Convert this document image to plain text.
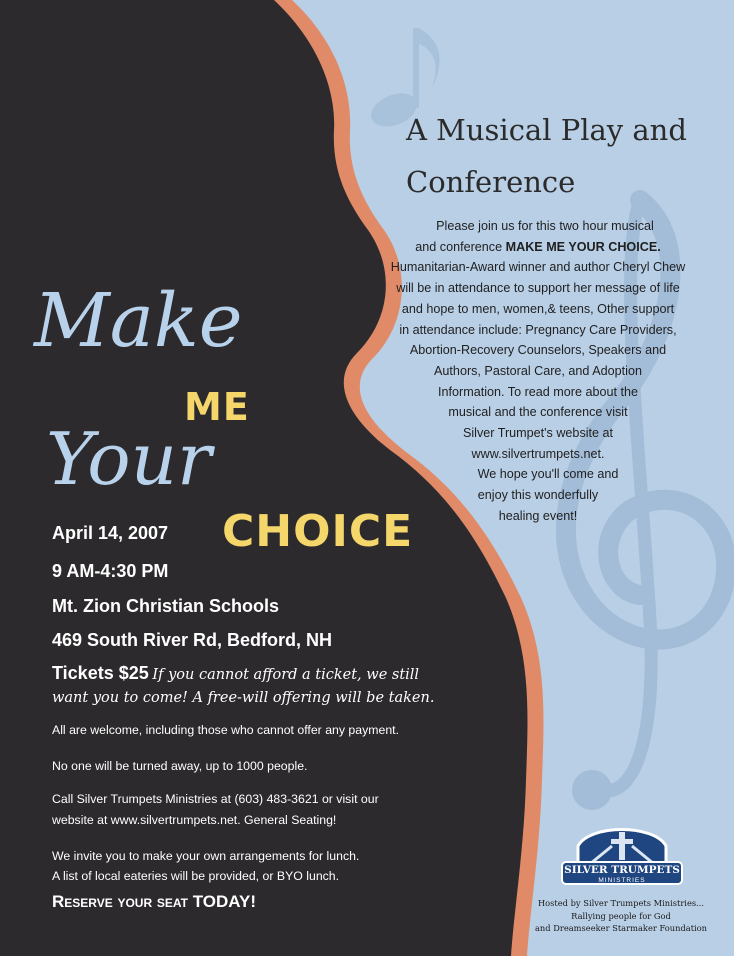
A Musical Play and
Conference
Please join us for this two hour musical
and conference MAKE ME YOUR CHOICE.
Humanitarian-Award winner and author Cheryl Chew
will be in attendance to support her message of life
and hope to men, women,& teens, Other support
in attendance include: Pregnancy Care Providers,
Abortion-Recovery Counselors, Speakers and
Authors, Pastoral Care, and Adoption
Information. To read more about the
musical and the conference visit
Silver Trumpet's website at
www.silvertrumpets.net.
We hope you'll come and
enjoy this wonderfully
healing event!
Make
ME
Your
CHOICE
April 14, 2007
9 AM-4:30 PM
Mt. Zion Christian Schools
469 South River Rd, Bedford, NH
Tickets $25 If you cannot afford a ticket, we still
want you to come! A free-will offering will be taken.
All are welcome, including those who cannot offer any payment.
No one will be turned away, up to 1000 people.
Call Silver Trumpets Ministries at (603) 483-3621 or visit our
website at www.silvertrumpets.net. General Seating!
We invite you to make your own arrangements for lunch.
A list of local eateries will be provided, or BYO lunch.
Reserve your seat TODAY!
SILVER TRUMPETS
MINISTRIES
Hosted by Silver Trumpets Ministries...
Rallying people for God
and Dreamseeker Starmaker Foundation
